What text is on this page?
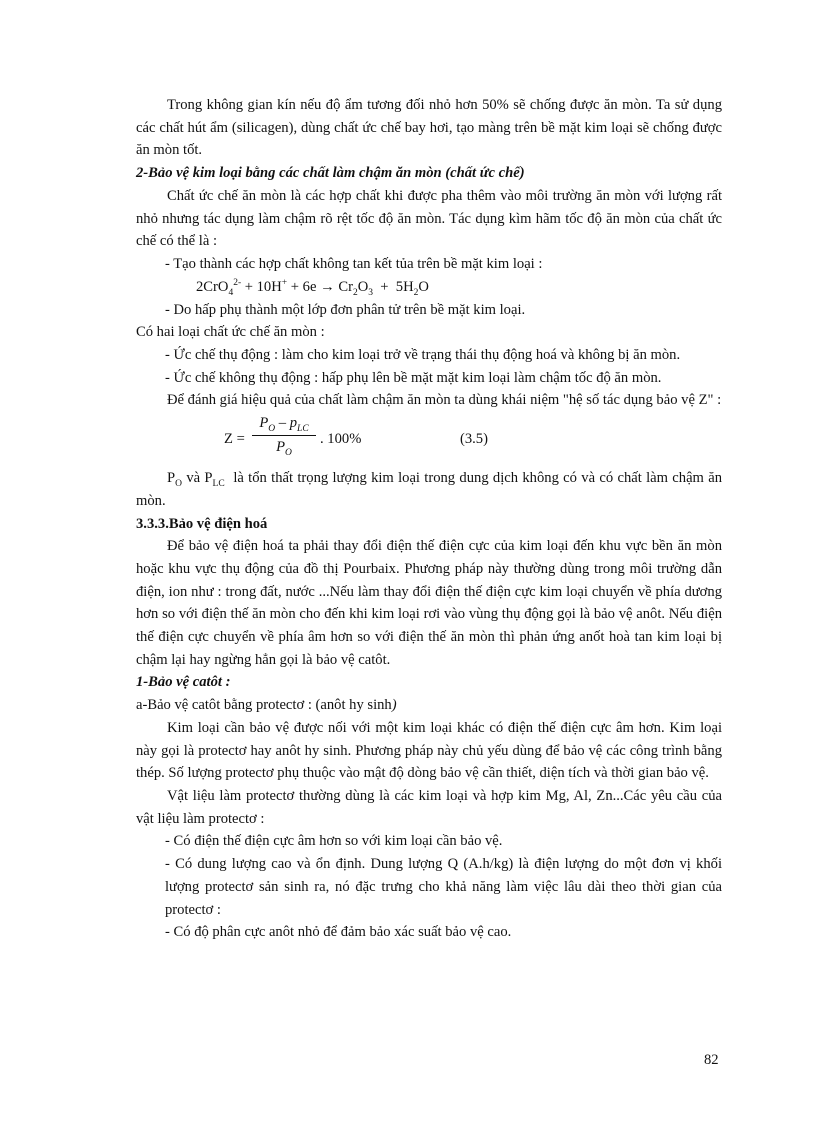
Trong không gian kín nếu độ ẩm tương đối nhỏ hơn 50% sẽ chống được ăn mòn. Ta sử dụng các chất hút ẩm (silicagen), dùng chất ức chế bay hơi, tạo màng trên bề mặt kim loại sẽ chống được ăn mòn tốt.

2-Bảo vệ kim loại bằng các chất làm chậm ăn mòn (chất ức chế)

Chất ức chế ăn mòn là các hợp chất khi được pha thêm vào môi trường ăn mòn với lượng rất nhỏ nhưng tác dụng làm chậm rõ rệt tốc độ ăn mòn. Tác dụng kìm hãm tốc độ ăn mòn của chất ức chế có thể là :

- Tạo thành các hợp chất không tan kết tủa trên bề mặt kim loại :

$2CrO_4^{2-} + 10H^+ + 6e \to Cr_2O_3 + 5H_2O$

- Do hấp phụ thành một lớp đơn phân tử trên bề mặt kim loại.

Có hai loại chất ức chế ăn mòn :

- Ức chế thụ động : làm cho kim loại trở về trạng thái thụ động hoá và không bị ăn mòn.

- Ức chế không thụ động : hấp phụ lên bề mặt mặt kim loại làm chậm tốc độ ăn mòn.

Để đánh giá hiệu quả của chất làm chậm ăn mòn ta dùng khái niệm "hệ số tác dụng bảo vệ Z" :

Z =
$P_O - p_{LC}$
$P_O$
. 100%	(3.5)

$P_O$ và $P_{LC}$ là tổn thất trọng lượng kim loại trong dung dịch không có và có chất làm chậm ăn mòn.

3.3.3.Bảo vệ điện hoá

Để bảo vệ điện hoá ta phải thay đổi điện thế điện cực của kim loại đến khu vực bền ăn mòn hoặc khu vực thụ động của đồ thị Pourbaix. Phương pháp này thường dùng trong môi trường dẫn điện, ion như : trong đất, nước ...Nếu làm thay đổi điện thế điện cực kim loại chuyển về phía dương hơn so với điện thế ăn mòn cho đến khi kim loại rơi vào vùng thụ động gọi là bảo vệ anôt. Nếu điện thế điện cực chuyển về phía âm hơn so với điện thế ăn mòn thì phản ứng anốt hoà tan kim loại bị chậm lại hay ngừng hẳn gọi là bảo vệ catôt.

1-Bảo vệ catôt :

a-Bảo vệ catôt bằng protectơ : (anôt hy sinh)

Kim loại cần bảo vệ được nối với một kim loại khác có điện thế điện cực âm hơn. Kim loại này gọi là protectơ hay anôt hy sinh. Phương pháp này chủ yếu dùng để bảo vệ các công trình bằng thép. Số lượng protectơ phụ thuộc vào mật độ dòng bảo vệ cần thiết, diện tích và thời gian bảo vệ.

Vật liệu làm protectơ thường dùng là các kim loại và hợp kim Mg, Al, Zn...Các yêu cầu của vật liệu làm protectơ :

- Có điện thế điện cực âm hơn so với kim loại cần bảo vệ.

- Có dung lượng cao và ổn định. Dung lượng Q (A.h/kg) là điện lượng do một đơn vị khối lượng protectơ sản sinh ra, nó đặc trưng cho khả năng làm việc lâu dài theo thời gian của protectơ :

- Có độ phân cực anôt nhỏ để đảm bảo xác suất bảo vệ cao.

82
